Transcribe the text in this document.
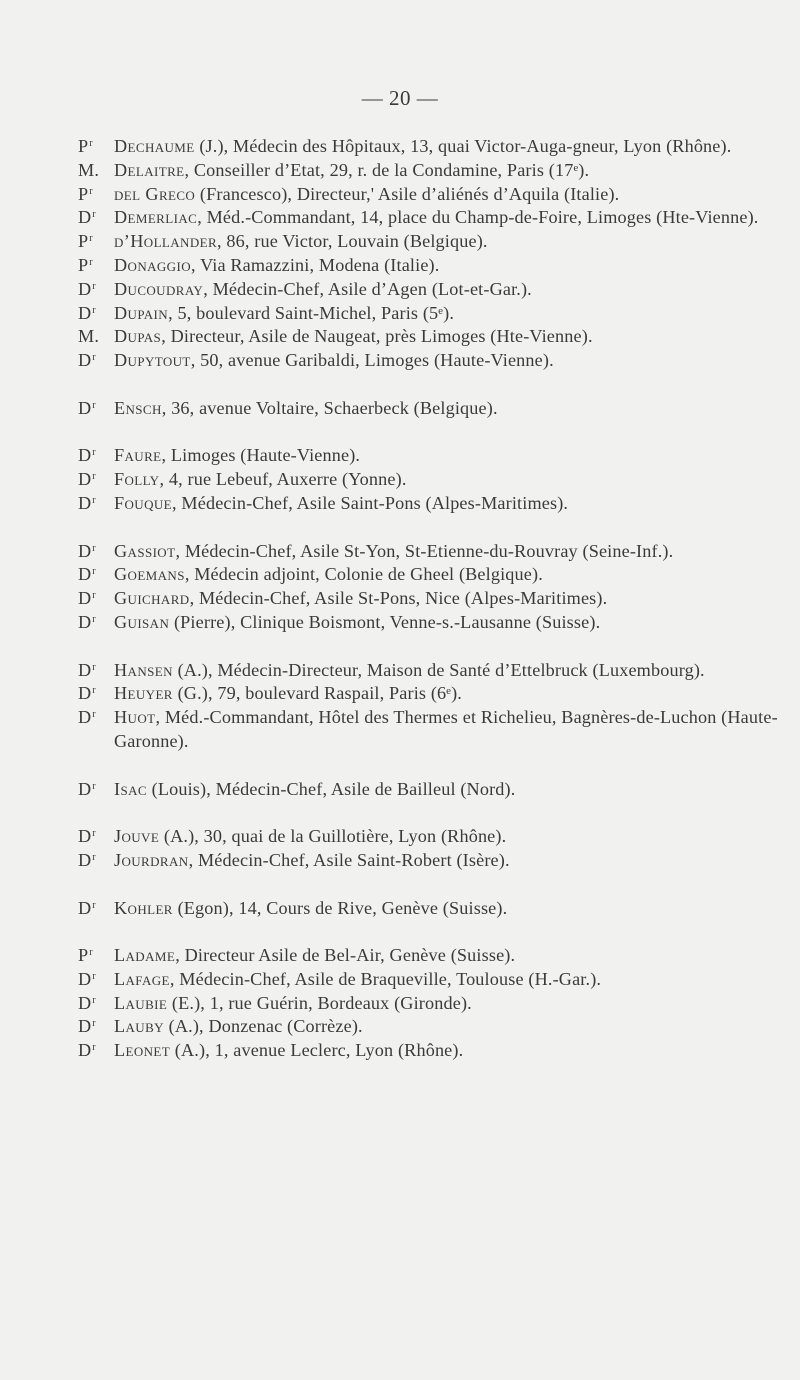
— 20 —
$P^r$	Dechaume (J.), Médecin des Hôpitaux, 13, quai Victor-Auga-gneur, Lyon (Rhône).
M. Delaitre, Conseiller d’Etat, 29, r. de la Condamine, Paris (17ᵉ).
$P^r$	del Greco (Francesco), Directeur,' Asile d’aliénés d’Aquila (Italie).
$D^r$	Demerliac, Méd.-Commandant, 14, place du Champ-de-Foire, Limoges (Hte-Vienne).
$P^r$	d’Hollander, 86, rue Victor, Louvain (Belgique).
$P^r$	Donaggio, Via Ramazzini, Modena (Italie).
$D^r$	Ducoudray, Médecin-Chef, Asile d’Agen (Lot-et-Gar.).
$D^r$	Dupain, 5, boulevard Saint-Michel, Paris (5ᵉ).
M. Dupas, Directeur, Asile de Naugeat, près Limoges (Hte-Vienne).
$D^r$	Dupytout, 50, avenue Garibaldi, Limoges (Haute-Vienne).
$D^r$	Ensch, 36, avenue Voltaire, Schaerbeck (Belgique).
$D^r$	Faure, Limoges (Haute-Vienne).
$D^r$	Folly, 4, rue Lebeuf, Auxerre (Yonne).
$D^r$	Fouque, Médecin-Chef, Asile Saint-Pons (Alpes-Maritimes).
$D^r$	Gassiot, Médecin-Chef, Asile St-Yon, St-Etienne-du-Rouvray (Seine-Inf.).
$D^r$	Goemans, Médecin adjoint, Colonie de Gheel (Belgique).
$D^r$	Guichard, Médecin-Chef, Asile St-Pons, Nice (Alpes-Maritimes).
$D^r$	Guisan (Pierre), Clinique Boismont, Venne-s.-Lausanne (Suisse).
$D^r$	Hansen (A.), Médecin-Directeur, Maison de Santé d’Ettelbruck (Luxembourg).
$D^r$	Heuyer (G.), 79, boulevard Raspail, Paris (6ᵉ).
$D^r$	Huot, Méd.-Commandant, Hôtel des Thermes et Richelieu, Bagnères-de-Luchon (Haute-Garonne).
$D^r$	Isac (Louis), Médecin-Chef, Asile de Bailleul (Nord).
$D^r$	Jouve (A.), 30, quai de la Guillotière, Lyon (Rhône).
$D^r$	Jourdran, Médecin-Chef, Asile Saint-Robert (Isère).
$D^r$	Kohler (Egon), 14, Cours de Rive, Genève (Suisse).
$P^r$	Ladame, Directeur Asile de Bel-Air, Genève (Suisse).
$D^r$	Lafage, Médecin-Chef, Asile de Braqueville, Toulouse (H.-Gar.).
$D^r$	Laubie (E.), 1, rue Guérin, Bordeaux (Gironde).
$D^r$	Lauby (A.), Donzenac (Corrèze).
$D^r$	Leonet (A.), 1, avenue Leclerc, Lyon (Rhône).
